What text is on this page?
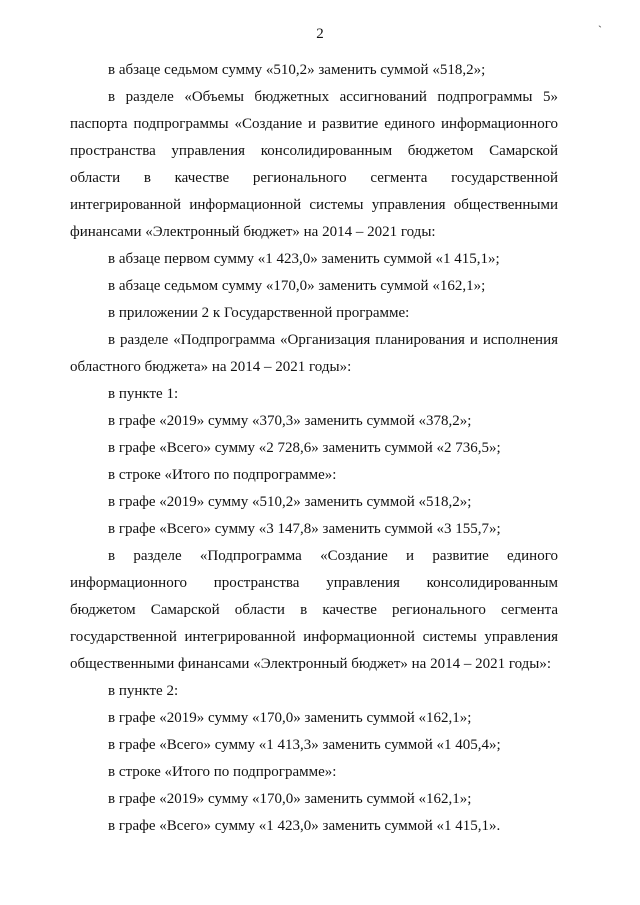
ˎ
2

в абзаце седьмом сумму «510,2» заменить суммой «518,2»;

в разделе «Объемы бюджетных ассигнований подпрограммы 5» паспорта подпрограммы «Создание и развитие единого информационного пространства управления консолидированным бюджетом Самарской области в качестве регионального сегмента государственной интегрированной информационной системы управления общественными финансами «Электронный бюджет» на 2014 – 2021 годы:

в абзаце первом сумму «1 423,0» заменить суммой «1 415,1»;

в абзаце седьмом сумму «170,0» заменить суммой «162,1»;

в приложении 2 к Государственной программе:

в разделе «Подпрограмма «Организация планирования и исполнения областного бюджета» на 2014 – 2021 годы»:

в пункте 1:

в графе «2019» сумму «370,3» заменить суммой «378,2»;

в графе «Всего» сумму «2 728,6» заменить суммой «2 736,5»;

в строке «Итого по подпрограмме»:

в графе «2019» сумму «510,2» заменить суммой «518,2»;

в графе «Всего» сумму «3 147,8» заменить суммой «3 155,7»;

в разделе «Подпрограмма «Создание и развитие единого информационного пространства управления консолидированным бюджетом Самарской области в качестве регионального сегмента государственной интегрированной информационной системы управления общественными финансами «Электронный бюджет» на 2014 – 2021 годы»:

в пункте 2:

в графе «2019» сумму «170,0» заменить суммой «162,1»;

в графе «Всего» сумму «1 413,3» заменить суммой «1 405,4»;

в строке «Итого по подпрограмме»:

в графе «2019» сумму «170,0» заменить суммой «162,1»;

в графе «Всего» сумму «1 423,0» заменить суммой «1 415,1».
